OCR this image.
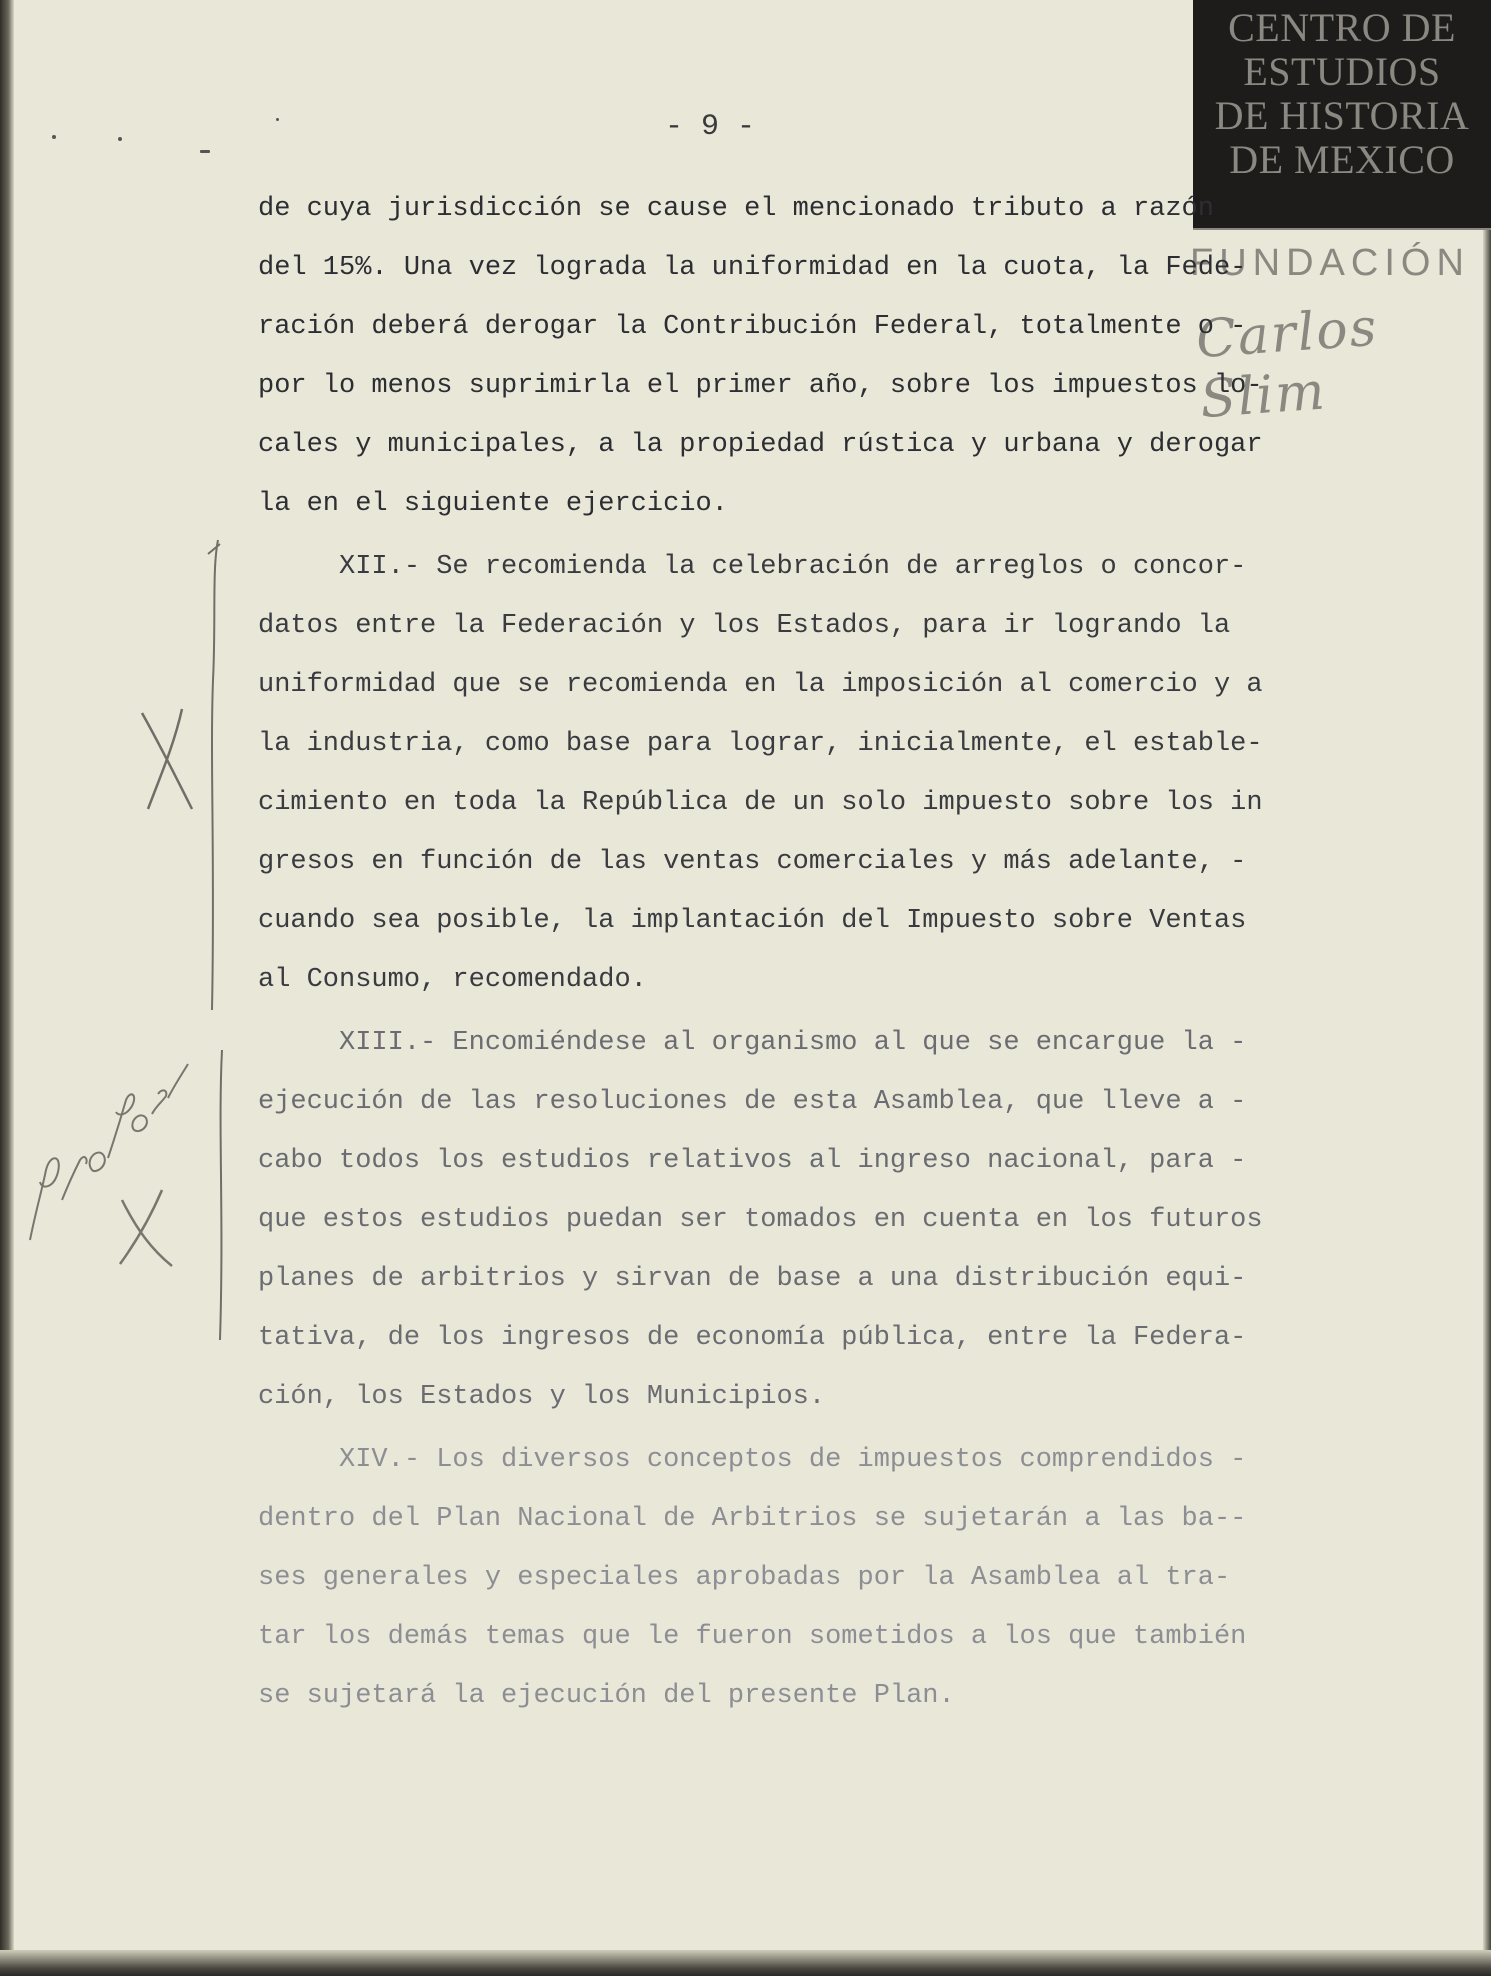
CENTRO DE
ESTUDIOS
DE HISTORIA
DE MEXICO
FUNDACIÓN
Carlos Slim
- 9 -
de cuya jurisdicción se cause el mencionado tributo a razón
del 15%. Una vez lograda la uniformidad en la cuota, la Fede-
ración deberá derogar la Contribución Federal, totalmente o -
por lo menos suprimirla el primer año, sobre los impuestos lo-
cales y municipales, a la propiedad rústica y urbana y derogar
la en el siguiente ejercicio.
XII.- Se recomienda la celebración de arreglos o concor-
datos entre la Federación y los Estados, para ir logrando la
uniformidad que se recomienda en la imposición al comercio y a
la industria, como base para lograr, inicialmente, el estable-
cimiento en toda la República de un solo impuesto sobre los in
gresos en función de las ventas comerciales y más adelante, -
cuando sea posible, la implantación del Impuesto sobre Ventas
al Consumo, recomendado.
XIII.- Encomiéndese al organismo al que se encargue la -
ejecución de las resoluciones de esta Asamblea, que lleve a -
cabo todos los estudios relativos al ingreso nacional, para -
que estos estudios puedan ser tomados en cuenta en los futuros
planes de arbitrios y sirvan de base a una distribución equi-
tativa, de los ingresos de economía pública, entre la Federa-
ción, los Estados y los Municipios.
XIV.- Los diversos conceptos de impuestos comprendidos -
dentro del Plan Nacional de Arbitrios se sujetarán a las ba--
ses generales y especiales aprobadas por la Asamblea al tra-
tar los demás temas que le fueron sometidos a los que también
se sujetará la ejecución del presente Plan.
